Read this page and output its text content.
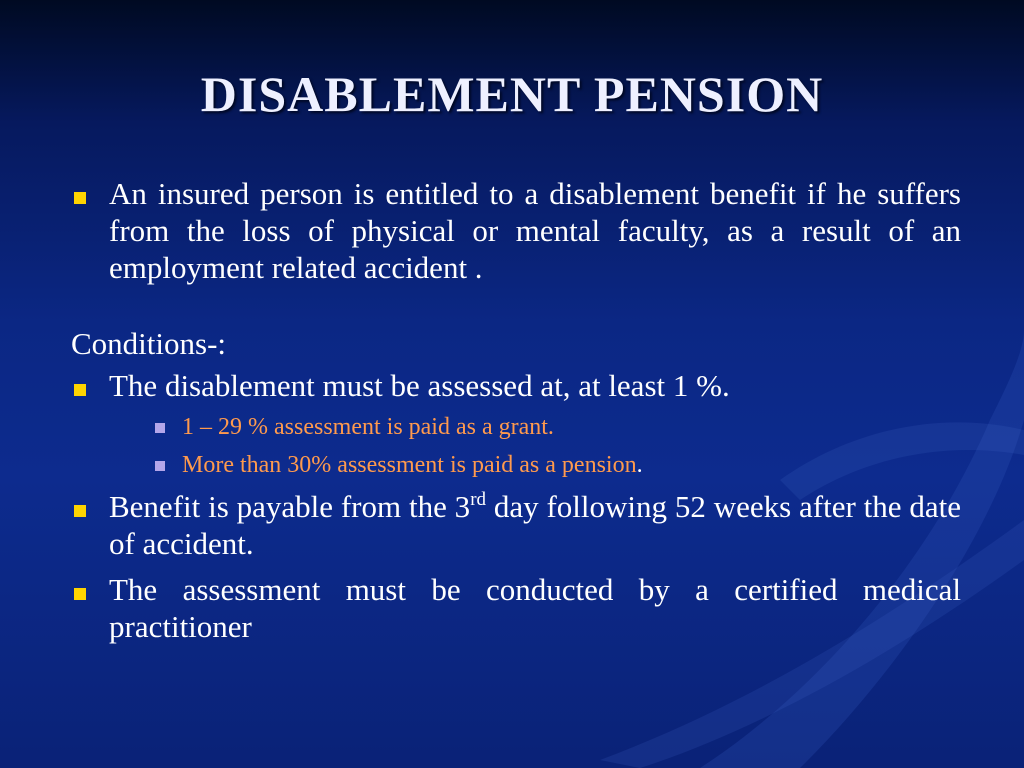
DISABLEMENT PENSION
An insured person is entitled to a disablement benefit if he suffers from the loss of physical or mental faculty, as a result of an employment related accident .
Conditions-:
The disablement must be assessed at, at least 1 %.
1 – 29 % assessment is paid as a grant.
More than 30% assessment is paid as a pension.
Benefit is payable from the 3rd day following 52 weeks after the date of accident.
The assessment must be conducted by a certified medical practitioner
